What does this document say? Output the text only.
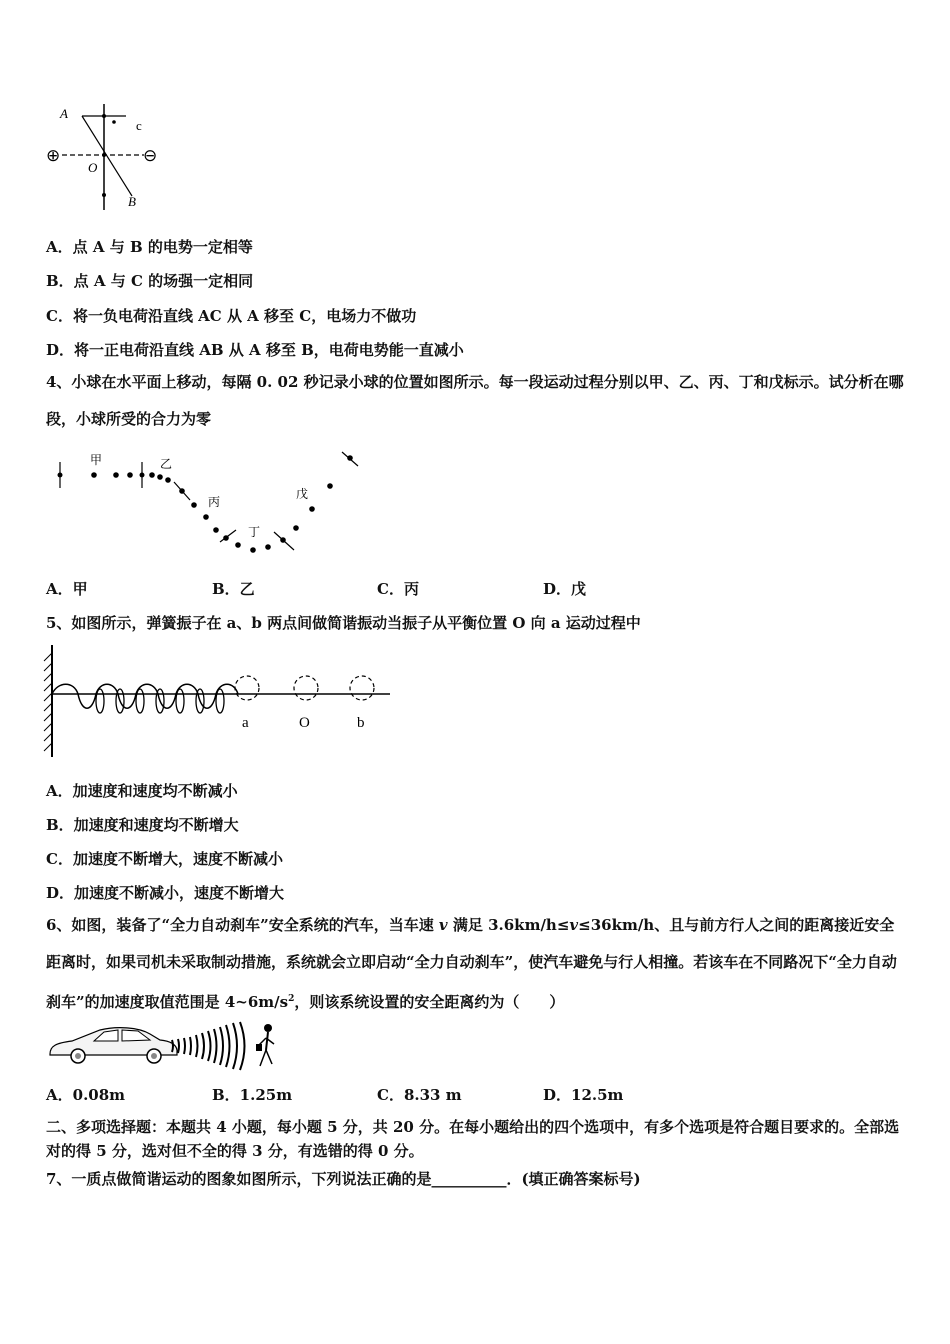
A
c
O
B
⊕	⊖
A．点 A 与 B 的电势一定相等
B．点 A 与 C 的场强一定相同
C．将一负电荷沿直线 AC 从 A 移至 C，电场力不做功
D．将一正电荷沿直线 AB 从 A 移至 B，电荷电势能一直减小
4、小球在水平面上移动，每隔 0. 02 秒记录小球的位置如图所示。每一段运动过程分别以甲、乙、丙、丁和戊标示。试分析在哪段，小球所受的合力为零
甲	乙
丙
丁
戊
A．甲	B．乙	C．丙	D．戊
5、如图所示，弹簧振子在 a、b 两点间做简谐振动当振子从平衡位置 O 向 a 运动过程中
a	O	b
A．加速度和速度均不断减小
B．加速度和速度均不断增大
C．加速度不断增大，速度不断减小
D．加速度不断减小，速度不断增大
6、如图，装备了“全力自动刹车”安全系统的汽车，当车速 v 满足 3.6km/h≤v≤36km/h、且与前方行人之间的距离接近安全距离时，如果司机未采取制动措施，系统就会立即启动“全力自动刹车”，使汽车避免与行人相撞。若该车在不同路况下“全力自动刹车”的加速度取值范围是 $4\sim 6m/s^2$，则该系统设置的安全距离约为（　　）
A．0.08m	B．1.25m	C．8.33 m	D．12.5m
二、多项选择题：本题共 4 小题，每小题 5 分，共 20 分。在每小题给出的四个选项中，有多个选项是符合题目要求的。全部选对的得 5 分，选对但不全的得 3 分，有选错的得 0 分。
7、一质点做简谐运动的图象如图所示，下列说法正确的是__________．(填正确答案标号)
